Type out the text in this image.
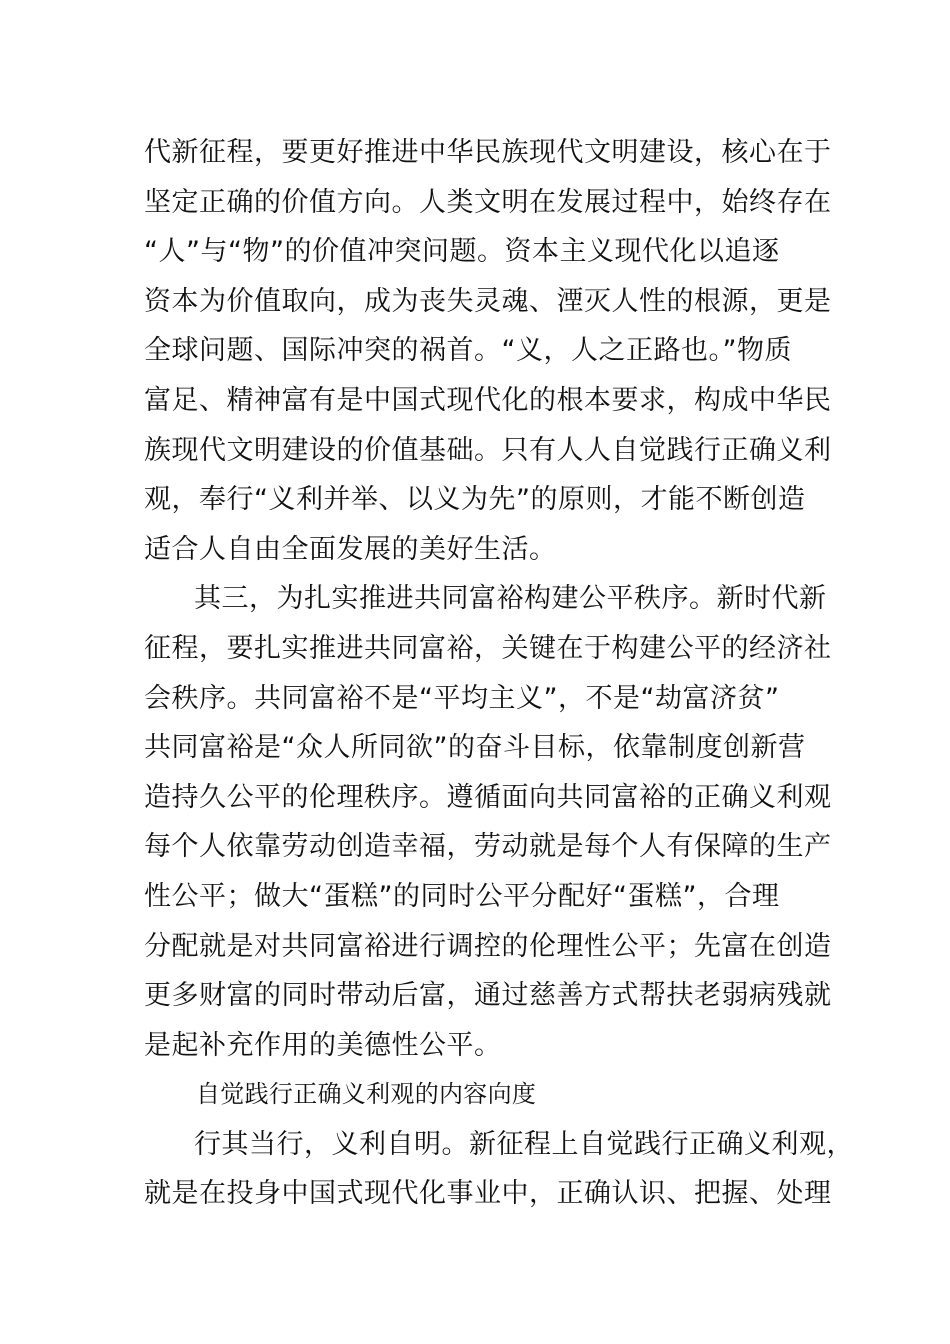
代新征程，要更好推进中华民族现代文明建设，核心在于
坚定正确的价值方向。人类文明在发展过程中，始终存在
“人”与“物”的价值冲突问题。资本主义现代化以追逐
资本为价值取向，成为丧失灵魂、湮灭人性的根源，更是
全球问题、国际冲突的祸首。“义，人之正路也。”物质
富足、精神富有是中国式现代化的根本要求，构成中华民
族现代文明建设的价值基础。只有人人自觉践行正确义利
观，奉行“义利并举、以义为先”的原则，才能不断创造
适合人自由全面发展的美好生活。
其三，为扎实推进共同富裕构建公平秩序。新时代新
征程，要扎实推进共同富裕，关键在于构建公平的经济社
会秩序。共同富裕不是“平均主义”，不是“劫富济贫”
共同富裕是“众人所同欲”的奋斗目标，依靠制度创新营
造持久公平的伦理秩序。遵循面向共同富裕的正确义利观
每个人依靠劳动创造幸福，劳动就是每个人有保障的生产
性公平；做大“蛋糕”的同时公平分配好“蛋糕”，合理
分配就是对共同富裕进行调控的伦理性公平；先富在创造
更多财富的同时带动后富，通过慈善方式帮扶老弱病残就
是起补充作用的美德性公平。
自觉践行正确义利观的内容向度
行其当行，义利自明。新征程上自觉践行正确义利观，
就是在投身中国式现代化事业中，正确认识、把握、处理
